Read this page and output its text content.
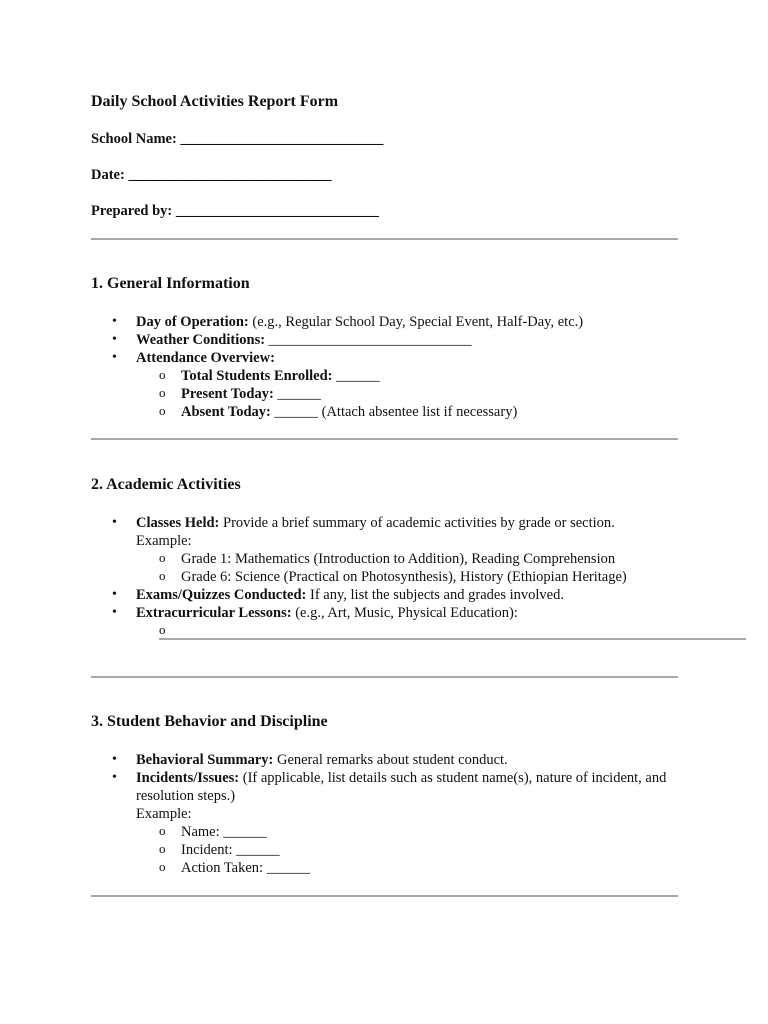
Daily School Activities Report Form
School Name: ____________________________
Date: ____________________________
Prepared by: ____________________________
1. General Information
• Day of Operation: (e.g., Regular School Day, Special Event, Half-Day, etc.)
• Weather Conditions: ____________________________
• Attendance Overview:
o Total Students Enrolled: ______
o Present Today: ______
o Absent Today: ______ (Attach absentee list if necessary)
2. Academic Activities
• Classes Held: Provide a brief summary of academic activities by grade or section.
Example:
o Grade 1: Mathematics (Introduction to Addition), Reading Comprehension
o Grade 6: Science (Practical on Photosynthesis), History (Ethiopian Heritage)
• Exams/Quizzes Conducted: If any, list the subjects and grades involved.
• Extracurricular Lessons: (e.g., Art, Music, Physical Education):
o
3. Student Behavior and Discipline
• Behavioral Summary: General remarks about student conduct.
• Incidents/Issues: (If applicable, list details such as student name(s), nature of incident, and resolution steps.)
Example:
o Name: ______
o Incident: ______
o Action Taken: ______
